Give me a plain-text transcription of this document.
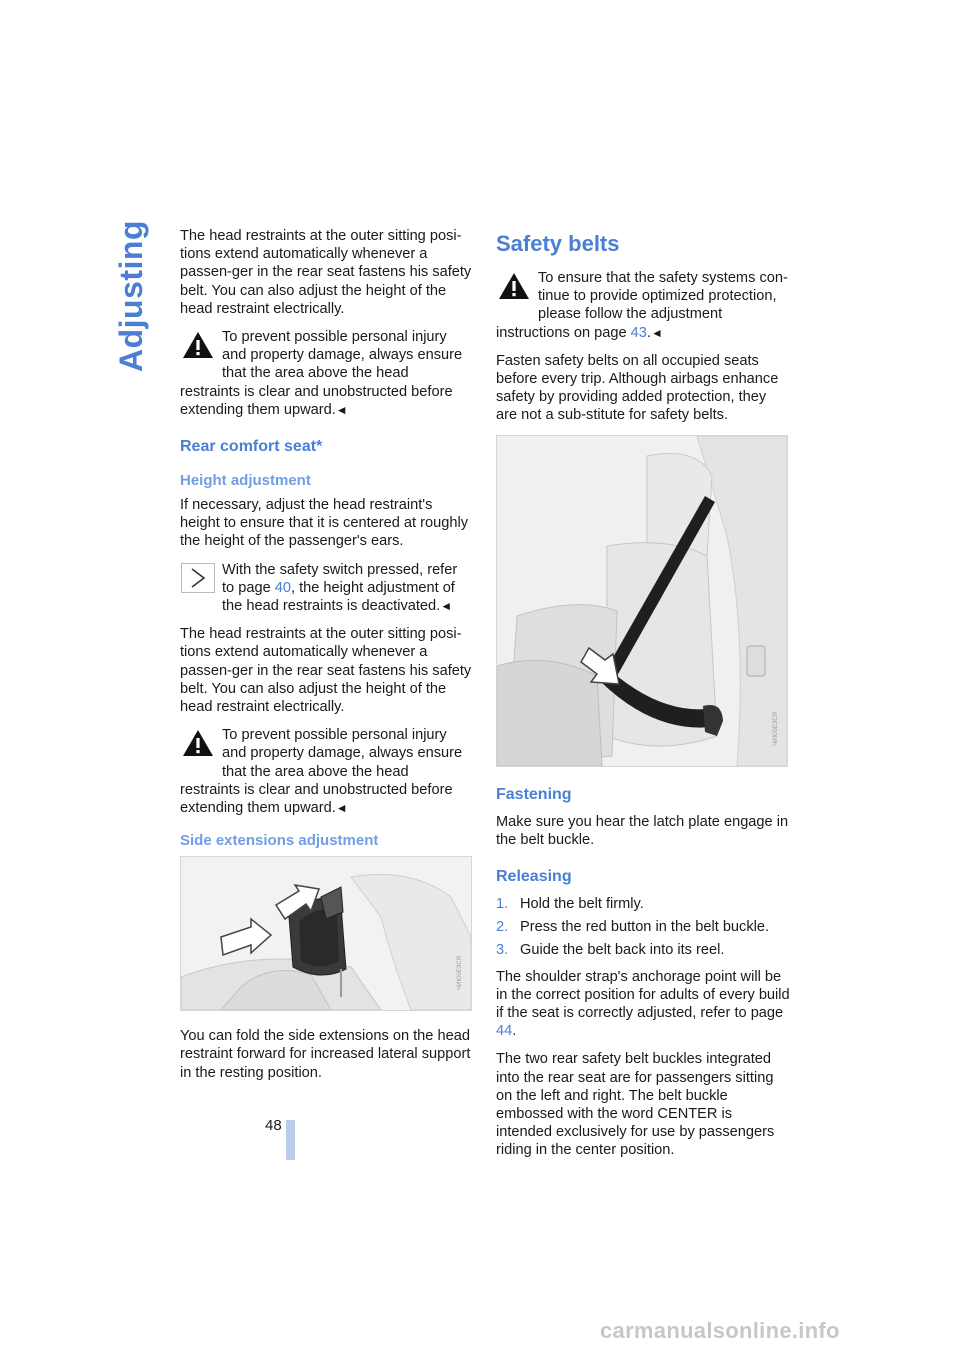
Adjusting The head restraints at the outer sitting posi-tions extend automatically whenever a passen-ger in the rear seat fastens his safety belt. You can also adjust the height of the head restraint electrically.

To prevent possible personal injury and property damage, always ensure that the area above the head restraints is clear and unobstructed before extending them upward.◄
Rear comfort seat*
Height adjustment

If necessary, adjust the head restraint's height to ensure that it is centered at roughly the height of the passenger's ears.

With the safety switch pressed, refer to page 40, the height adjustment of the head restraints is deactivated.◄

The head restraints at the outer sitting posi-tions extend automatically whenever a passen-ger in the rear seat fastens his safety belt. You can also adjust the height of the head restraint electrically.

To prevent possible personal injury and property damage, always ensure that the area above the head restraints is clear and unobstructed before extending them upward.◄
Side extensions adjustment
ЧИЮ0ЕЗСЯ

You can fold the side extensions on the head restraint forward for increased lateral support in the resting position.

Safety belts
To ensure that the safety systems con-tinue to provide optimized protection, please follow the adjustment instructions on page 43.◄

Fasten safety belts on all occupied seats before every trip. Although airbags enhance safety by providing added protection, they are not a sub-stitute for safety belts.

ЧИЮ0ЕЗСЯ
Fastening

Make sure you hear the latch plate engage in the belt buckle.

Releasing
1. Hold the belt firmly.
2. Press the red button in the belt buckle.
3. Guide the belt back into its reel.

The shoulder strap's anchorage point will be in the correct position for adults of every build if the seat is correctly adjusted, refer to page 44.

The two rear safety belt buckles integrated into the rear seat are for passengers sitting on the left and right. The belt buckle embossed with the word CENTER is intended exclusively for use by passengers riding in the center position.

48
carmanualsonline.info
